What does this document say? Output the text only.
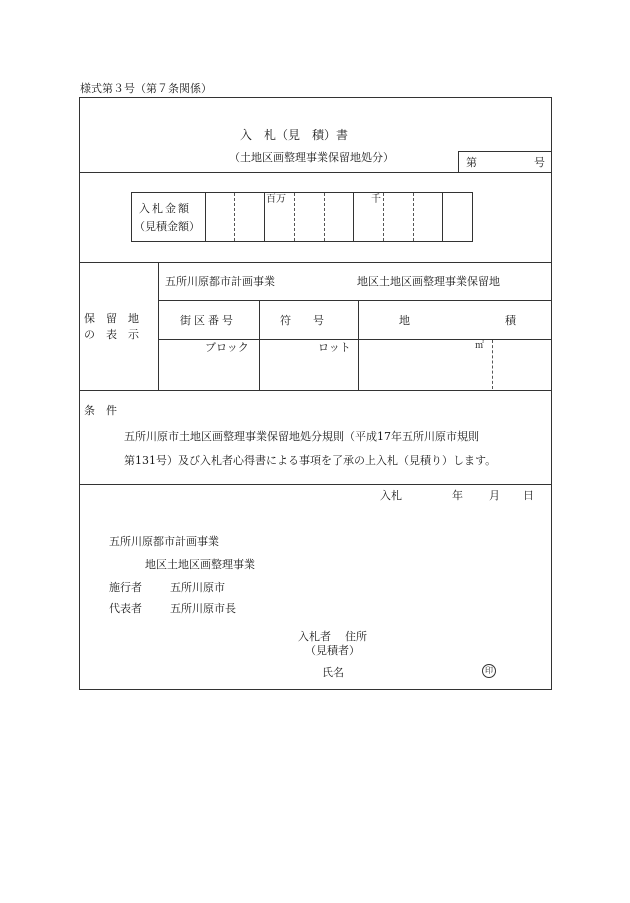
様式第３号（第７条関係）
入　札（見　積）書
（土地区画整理事業保留地処分）	第	号
入札金額
（見積金額）
百万	千
保　留　地
の　表　示
五所川原都市計画事業	地区土地区画整理事業保留地
街区番号	符　　号	地	積
ブロック	ロット	㎡
条　件
五所川原市土地区画整理事業保留地処分規則（平成17年五所川原市規則
第131号）及び入札者心得書による事項を了承の上入札（見積り）します。
入札	年 月 日
五所川原都市計画事業
地区土地区画整理事業
施行者	五所川原市
代表者	五所川原市長
入札者 住所
（見積者）
氏名	印
